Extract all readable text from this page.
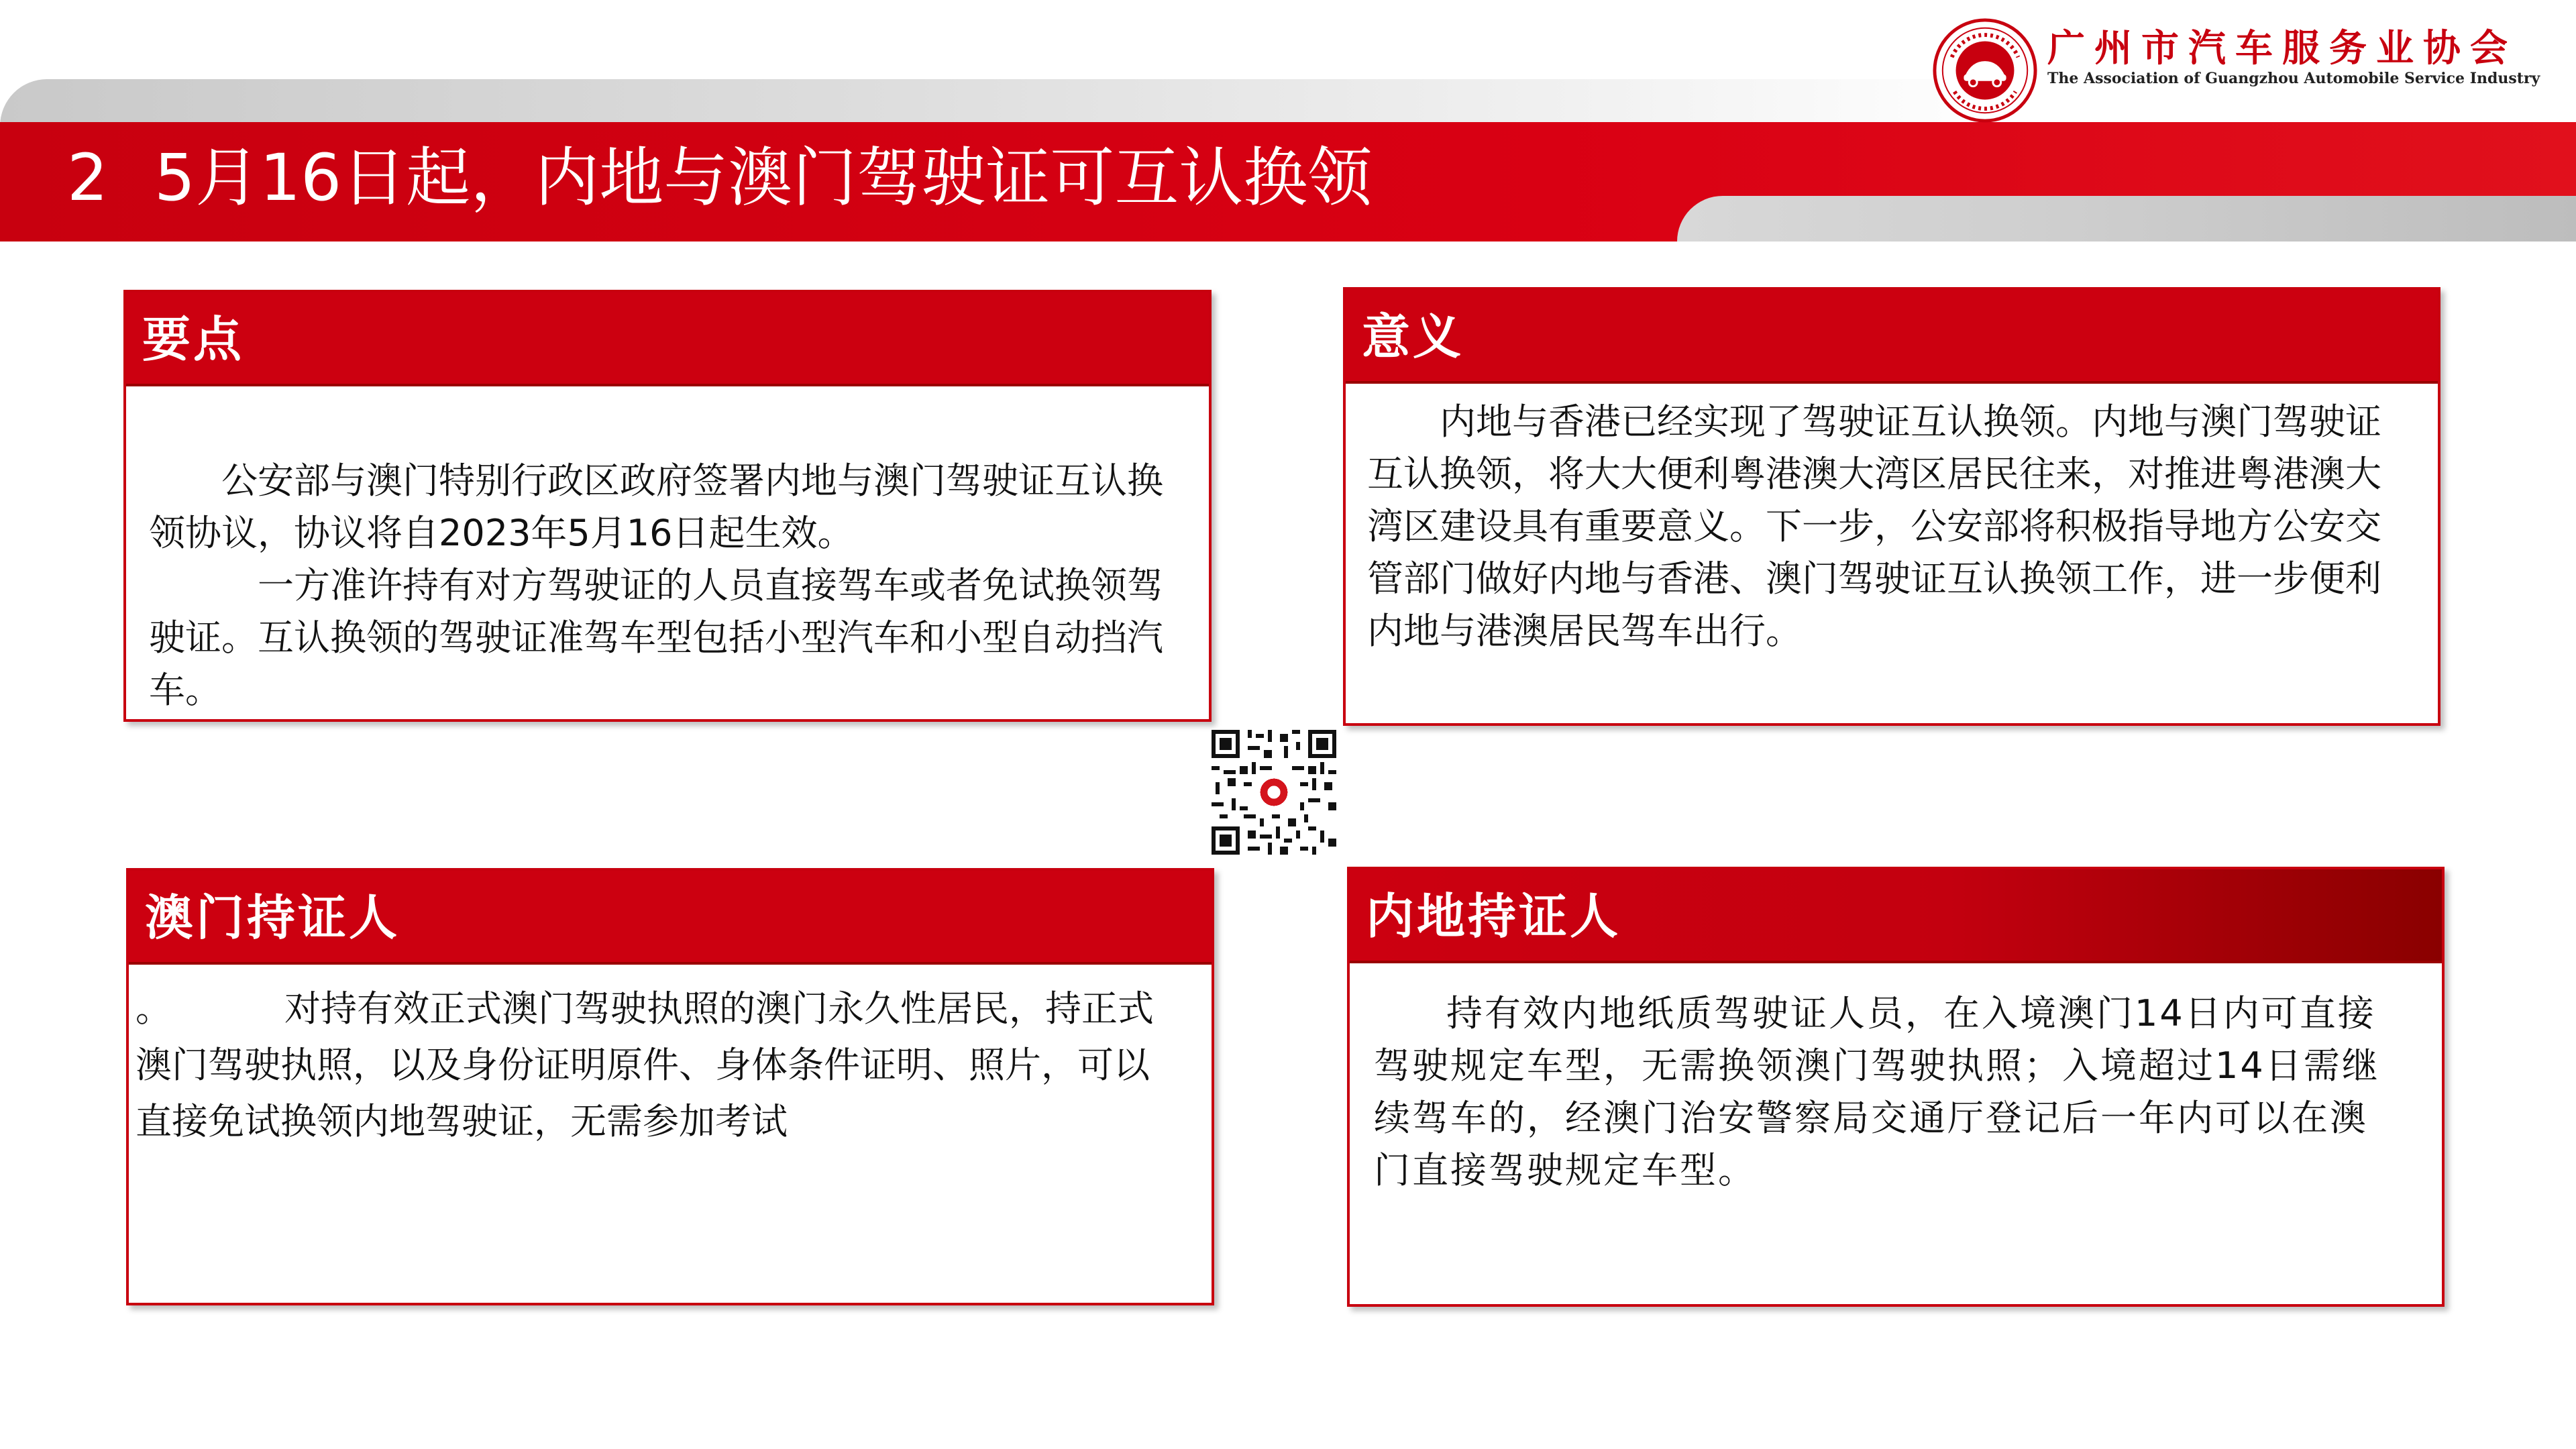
2 5月16日起，内地与澳门驾驶证可互认换领
广州市汽车服务业协会
The Association of Guangzhou Automobile Service Industry
要点

公安部与澳门特别行政区政府签署内地与澳门驾驶证互认换领协议，协议将自2023年5月16日起生效。

一方准许持有对方驾驶证的人员直接驾车或者免试换领驾驶证。互认换领的驾驶证准驾车型包括小型汽车和小型自动挡汽车。

意义

内地与香港已经实现了驾驶证互认换领。内地与澳门驾驶证互认换领，将大大便利粤港澳大湾区居民往来，对推进粤港澳大湾区建设具有重要意义。下一步，公安部将积极指导地方公安交管部门做好内地与香港、澳门驾驶证互认换领工作，进一步便利内地与港澳居民驾车出行。

澳门持证人

。	对持有效正式澳门驾驶执照的澳门永久性居民，持正式澳门驾驶执照，以及身份证明原件、身体条件证明、照片，可以直接免试换领内地驾驶证，无需参加考试

内地持证人

持有效内地纸质驾驶证人员，在入境澳门14日内可直接驾驶规定车型，无需换领澳门驾驶执照；入境超过14日需继续驾车的，经澳门治安警察局交通厅登记后一年内可以在澳门直接驾驶规定车型。
